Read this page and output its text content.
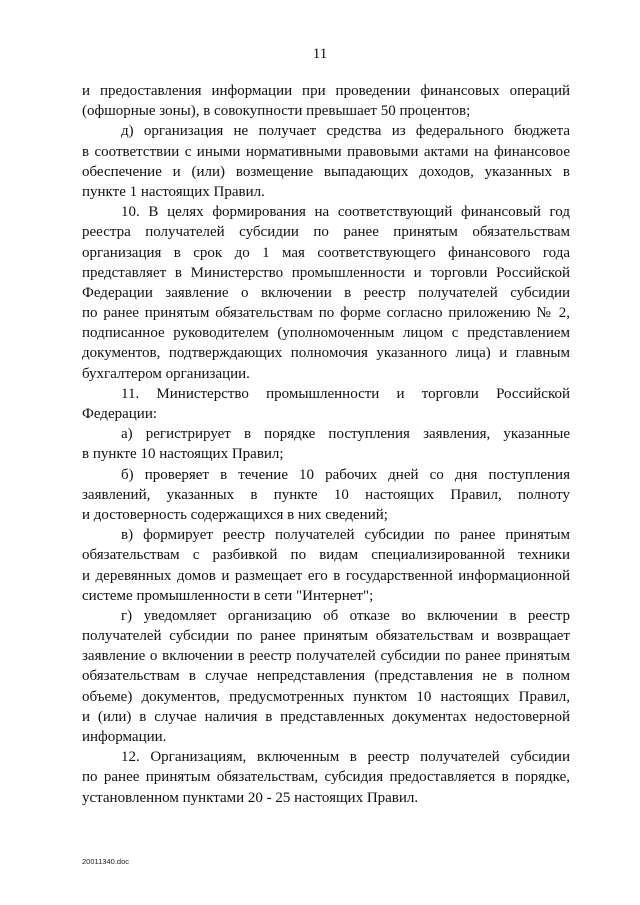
11
и предоставления информации при проведении финансовых операций
(офшорные зоны), в совокупности превышает 50 процентов;
д) организация не получает средства из федерального бюджета
в соответствии с иными нормативными правовыми актами на финансовое
обеспечение и (или) возмещение выпадающих доходов, указанных в
пункте 1 настоящих Правил.
10. В целях формирования на соответствующий финансовый год
реестра получателей субсидии по ранее принятым обязательствам
организация в срок до 1 мая соответствующего финансового года
представляет в Министерство промышленности и торговли Российской
Федерации заявление о включении в реестр получателей субсидии
по ранее принятым обязательствам по форме согласно приложению № 2,
подписанное руководителем (уполномоченным лицом с представлением
документов, подтверждающих полномочия указанного лица) и главным
бухгалтером организации.
11. Министерство промышленности и торговли Российской
Федерации:
а) регистрирует в порядке поступления заявления, указанные
в пункте 10 настоящих Правил;
б) проверяет в течение 10 рабочих дней со дня поступления
заявлений, указанных в пункте 10 настоящих Правил, полноту
и достоверность содержащихся в них сведений;
в) формирует реестр получателей субсидии по ранее принятым
обязательствам с разбивкой по видам специализированной техники
и деревянных домов и размещает его в государственной информационной
системе промышленности в сети "Интернет";
г) уведомляет организацию об отказе во включении в реестр
получателей субсидии по ранее принятым обязательствам и возвращает
заявление о включении в реестр получателей субсидии по ранее принятым
обязательствам в случае непредставления (представления не в полном
объеме) документов, предусмотренных пунктом 10 настоящих Правил,
и (или) в случае наличия в представленных документах недостоверной
информации.
12. Организациям, включенным в реестр получателей субсидии
по ранее принятым обязательствам, субсидия предоставляется в порядке,
установленном пунктами 20 - 25 настоящих Правил.
20011340.doc
